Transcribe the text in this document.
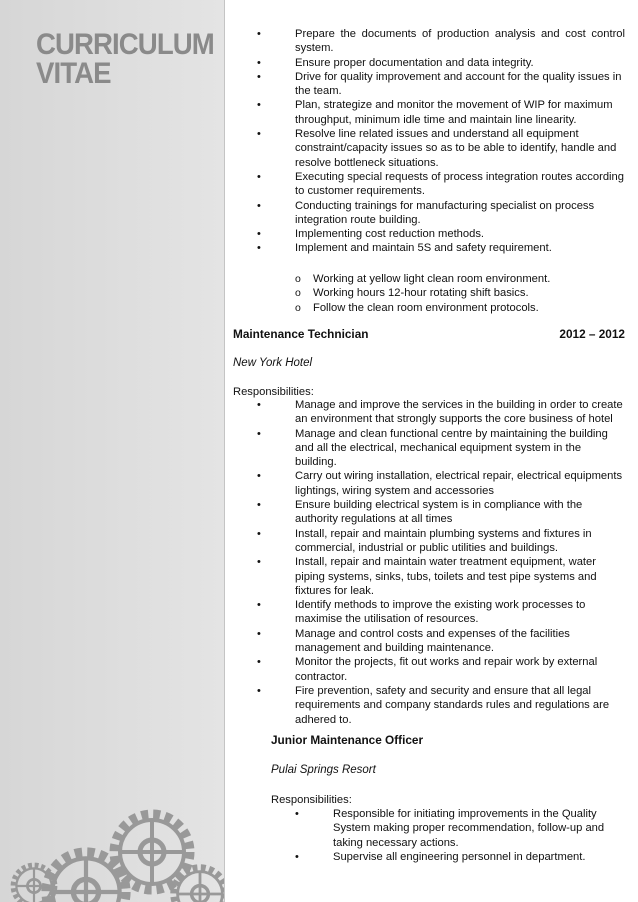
CURRICULUM
VITAE
• Prepare the documents of production analysis and cost control system.
• Ensure proper documentation and data integrity.
• Drive for quality improvement and account for the quality issues in the team.
• Plan, strategize and monitor the movement of WIP for maximum throughput, minimum idle time and maintain line linearity.
• Resolve line related issues and understand all equipment constraint/capacity issues so as to be able to identify, handle and resolve bottleneck situations.
• Executing special requests of process integration routes according to customer requirements.
• Conducting trainings for manufacturing specialist on process integration route building.
• Implementing cost reduction methods.
• Implement and maintain 5S and safety requirement.
o Working at yellow light clean room environment.
o Working hours 12-hour rotating shift basics.
o Follow the clean room environment protocols.
Maintenance Technician	2012 – 2012
New York Hotel
Responsibilities:
• Manage and improve the services in the building in order to create an environment that strongly supports the core business of hotel
• Manage and clean functional centre by maintaining the building and all the electrical, mechanical equipment system in the building.
• Carry out wiring installation, electrical repair, electrical equipments lightings, wiring system and accessories
• Ensure building electrical system is in compliance with the authority regulations at all times
• Install, repair and maintain plumbing systems and fixtures in commercial, industrial or public utilities and buildings.
• Install, repair and maintain water treatment equipment, water piping systems, sinks, tubs, toilets and test pipe systems and fixtures for leak.
• Identify methods to improve the existing work processes to maximise the utilisation of resources.
• Manage and control costs and expenses of the facilities management and building maintenance.
• Monitor the projects, fit out works and repair work by external contractor.
• Fire prevention, safety and security and ensure that all legal requirements and company standards rules and regulations are adhered to.
Junior Maintenance Officer
Pulai Springs Resort
Responsibilities:
• Responsible for initiating improvements in the Quality System making proper recommendation, follow-up and taking necessary actions.
• Supervise all engineering personnel in department.
